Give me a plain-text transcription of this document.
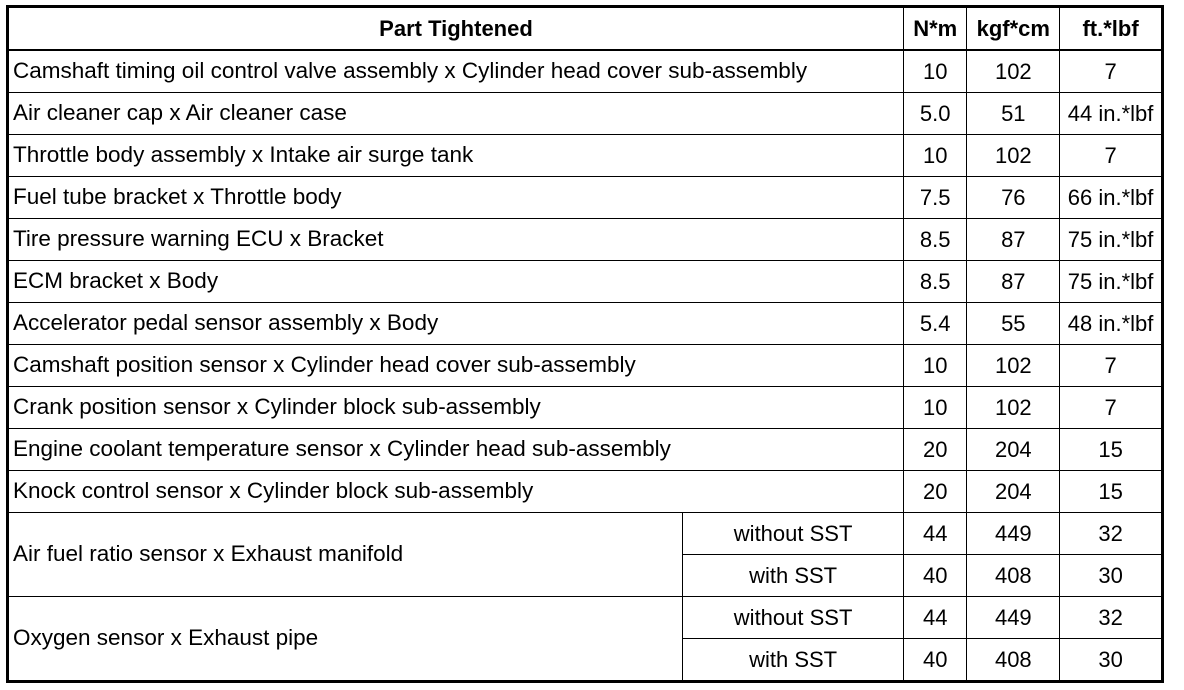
Part Tightened		N*m	kgf*cm	ft.*lbf
Camshaft timing oil control valve assembly x Cylinder head cover sub-assembly		10	102	7
Air cleaner cap x Air cleaner case		5.0	51	44 in.*lbf
Throttle body assembly x Intake air surge tank		10	102	7
Fuel tube bracket x Throttle body		7.5	76	66 in.*lbf
Tire pressure warning ECU x Bracket		8.5	87	75 in.*lbf
ECM bracket x Body		8.5	87	75 in.*lbf
Accelerator pedal sensor assembly x Body		5.4	55	48 in.*lbf
Camshaft position sensor x Cylinder head cover sub-assembly		10	102	7
Crank position sensor x Cylinder block sub-assembly		10	102	7
Engine coolant temperature sensor x Cylinder head sub-assembly		20	204	15
Knock control sensor x Cylinder block sub-assembly		20	204	15
Air fuel ratio sensor x Exhaust manifold	without SST	44	449	32
	with SST	40	408	30
Oxygen sensor x Exhaust pipe	without SST	44	449	32
	with SST	40	408	30
